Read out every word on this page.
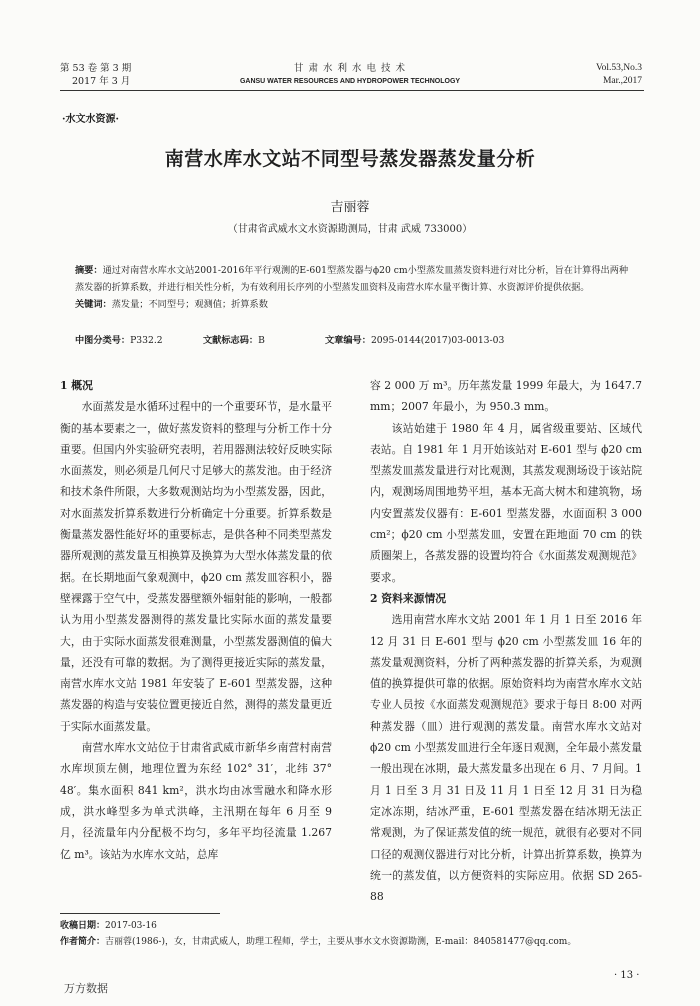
第 53 卷 第 3 期
2017 年 3 月
甘 肃 水 利 水 电 技 术
GANSU WATER RESOURCES AND HYDROPOWER TECHNOLOGY
Vol.53,No.3
Mar.,2017
·水文水资源·
南营水库水文站不同型号蒸发器蒸发量分析
吉丽蓉
（甘肃省武威水文水资源勘测局，甘肃 武威 733000）
摘要：通过对南营水库水文站2001-2016年平行观测的E-601型蒸发器与ϕ20 cm小型蒸发皿蒸发资料进行对比分析，旨在计算得出两种蒸发器的折算系数，并进行相关性分析，为有效利用长序列的小型蒸发皿资料及南营水库水量平衡计算、水资源评价提供依据。
关键词：蒸发量；不同型号；观测值；折算系数
中图分类号：P332.2	文献标志码：B	文章编号：2095-0144(2017)03-0013-03
1 概况

水面蒸发是水循环过程中的一个重要环节，是水量平衡的基本要素之一，做好蒸发资料的整理与分析工作十分重要。但国内外实验研究表明，若用器测法较好反映实际水面蒸发，则必须是几何尺寸足够大的蒸发池。由于经济和技术条件所限，大多数观测站均为小型蒸发器，因此，对水面蒸发折算系数进行分析确定十分重要。折算系数是衡量蒸发器性能好坏的重要标志，是供各种不同类型蒸发器所观测的蒸发量互相换算及换算为大型水体蒸发量的依据。在长期地面气象观测中，ϕ20 cm 蒸发皿容积小，器壁裸露于空气中，受蒸发器壁额外辐射能的影响，一般都认为用小型蒸发器测得的蒸发量比实际水面的蒸发量要大，由于实际水面蒸发很难测量，小型蒸发器测值的偏大量，还没有可靠的数据。为了测得更接近实际的蒸发量，南营水库水文站 1981 年安装了 E-601 型蒸发器，这种蒸发器的构造与安装位置更接近自然，测得的蒸发量更近于实际水面蒸发量。

南营水库水文站位于甘肃省武威市新华乡南营村南营水库坝顶左侧，地理位置为东经 102° 31′，北纬 37° 48′。集水面积 841 km²，洪水均由冰雪融水和降水形成，洪水峰型多为单式洪峰，主汛期在每年 6 月至 9 月，径流量年内分配极不均匀，多年平均径流量 1.267 亿 m³。该站为水库水文站，总库

容 2 000 万 m³。历年蒸发量 1999 年最大，为 1647.7 mm；2007 年最小，为 950.3 mm。

该站始建于 1980 年 4 月，属省级重要站、区域代表站。自 1981 年 1 月开始该站对 E-601 型与 ϕ20 cm 型蒸发皿蒸发量进行对比观测，其蒸发观测场设于该站院内，观测场周围地势平坦，基本无高大树木和建筑物，场内安置蒸发仪器有：E-601 型蒸发器，水面面积 3 000 cm²；ϕ20 cm 小型蒸发皿，安置在距地面 70 cm 的铁质圈架上，各蒸发器的设置均符合《水面蒸发观测规范》要求。

2 资料来源情况

选用南营水库水文站 2001 年 1 月 1 日至 2016 年 12 月 31 日 E-601 型与 ϕ20 cm 小型蒸发皿 16 年的蒸发量观测资料，分析了两种蒸发器的折算关系，为观测值的换算提供可靠的依据。原始资料均为南营水库水文站专业人员按《水面蒸发观测规范》要求于每日 8:00 对两种蒸发器（皿）进行观测的蒸发量。南营水库水文站对 ϕ20 cm 小型蒸发皿进行全年逐日观测，全年最小蒸发量一般出现在冰期，最大蒸发量多出现在 6 月、7 月间。1 月 1 日至 3 月 31 日及 11 月 1 日至 12 月 31 日为稳定冰冻期，结冰严重，E-601 型蒸发器在结冰期无法正常观测，为了保证蒸发值的统一规范，就很有必要对不同口径的观测仪器进行对比分析，计算出折算系数，换算为统一的蒸发值，以方便资料的实际应用。依据 SD 265-88

收稿日期：2017-03-16
作者简介：吉丽蓉(1986-)，女，甘肃武威人，助理工程师，学士，主要从事水文水资源勘测，E-mail：840581477@qq.com。
· 13 ·
万方数据
